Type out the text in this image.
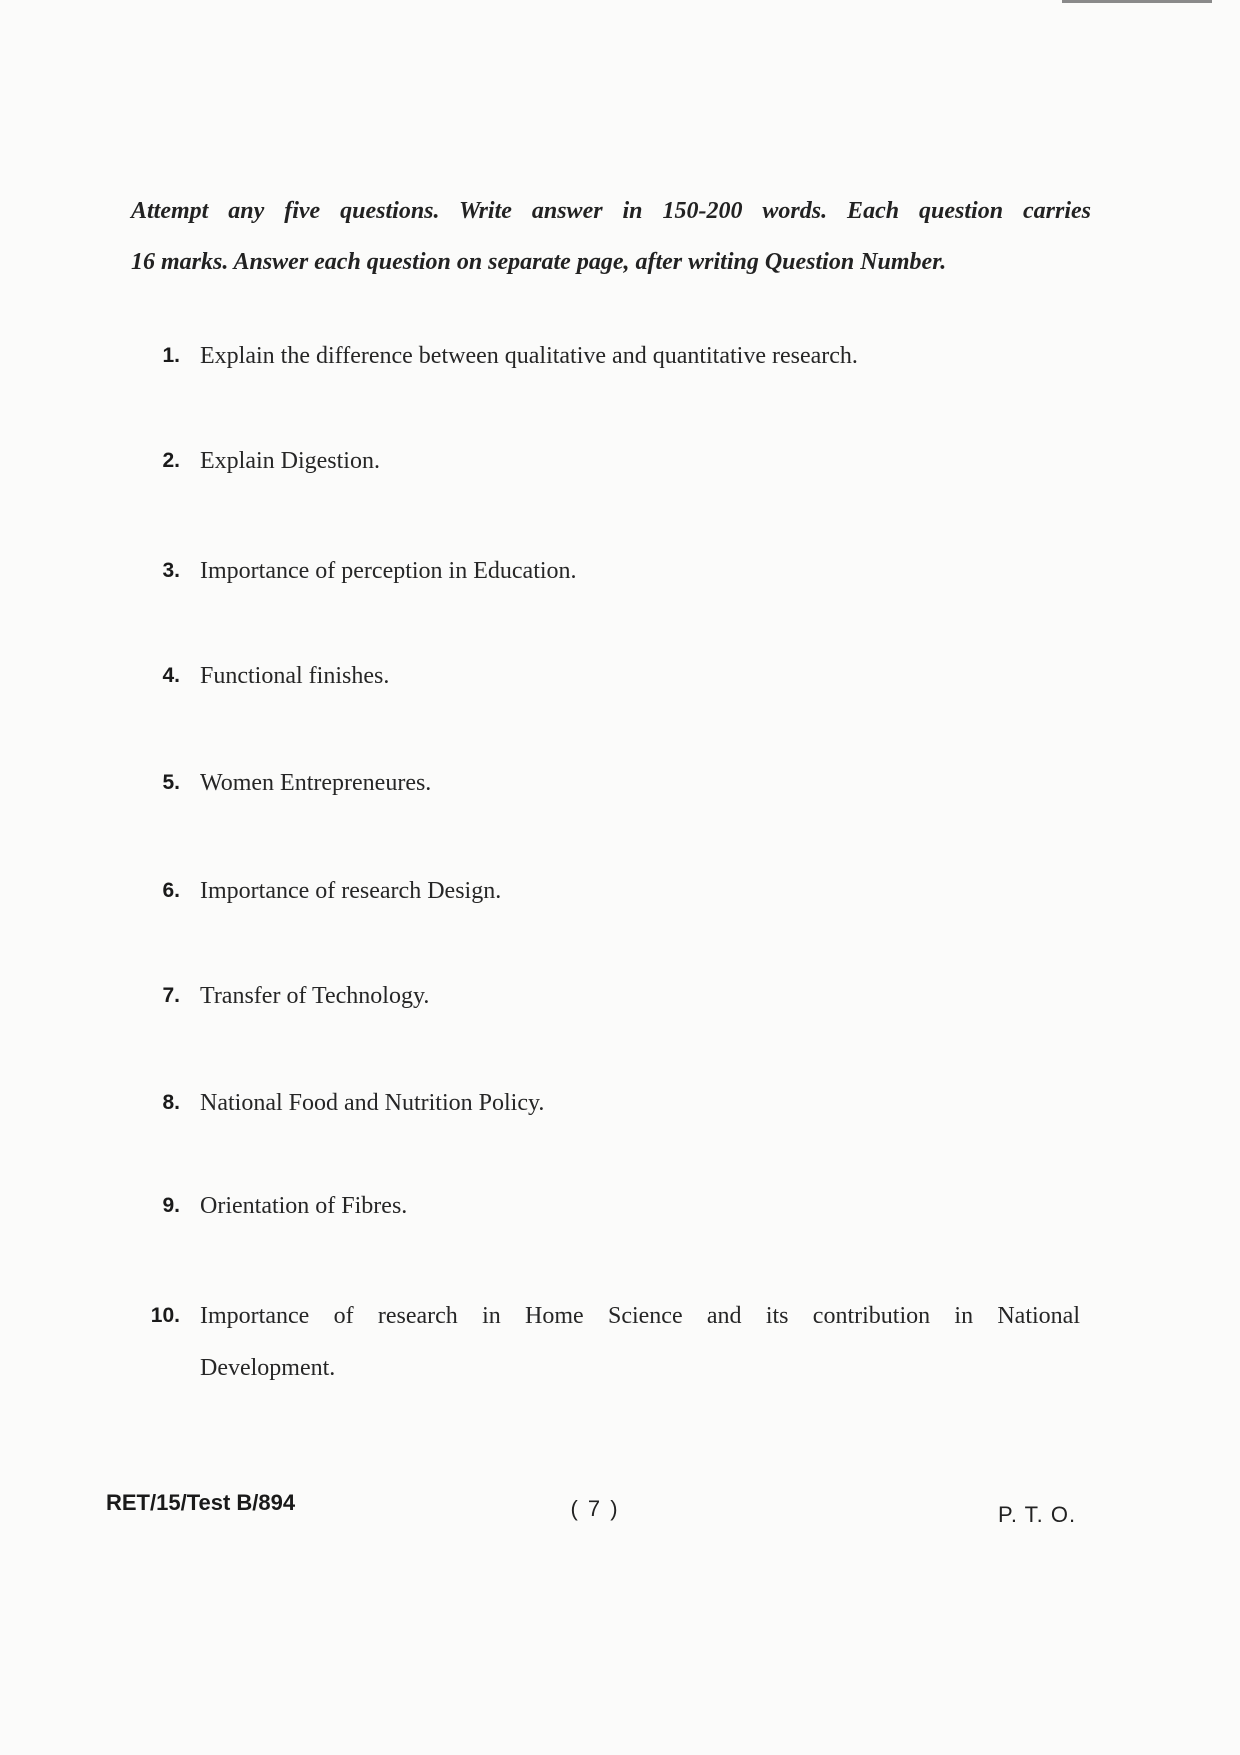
Attempt any five questions. Write answer in 150-200 words. Each question carries
16 marks. Answer each question on separate page, after writing Question Number.
1. Explain the difference between qualitative and quantitative research.
2. Explain Digestion.
3. Importance of perception in Education.
4. Functional finishes.
5. Women Entrepreneures.
6. Importance of research Design.
7. Transfer of Technology.
8. National Food and Nutrition Policy.
9. Orientation of Fibres.
10. Importance of research in Home Science and its contribution in National
Development.
RET/15/Test B/894	( 7 )	P. T. O.
